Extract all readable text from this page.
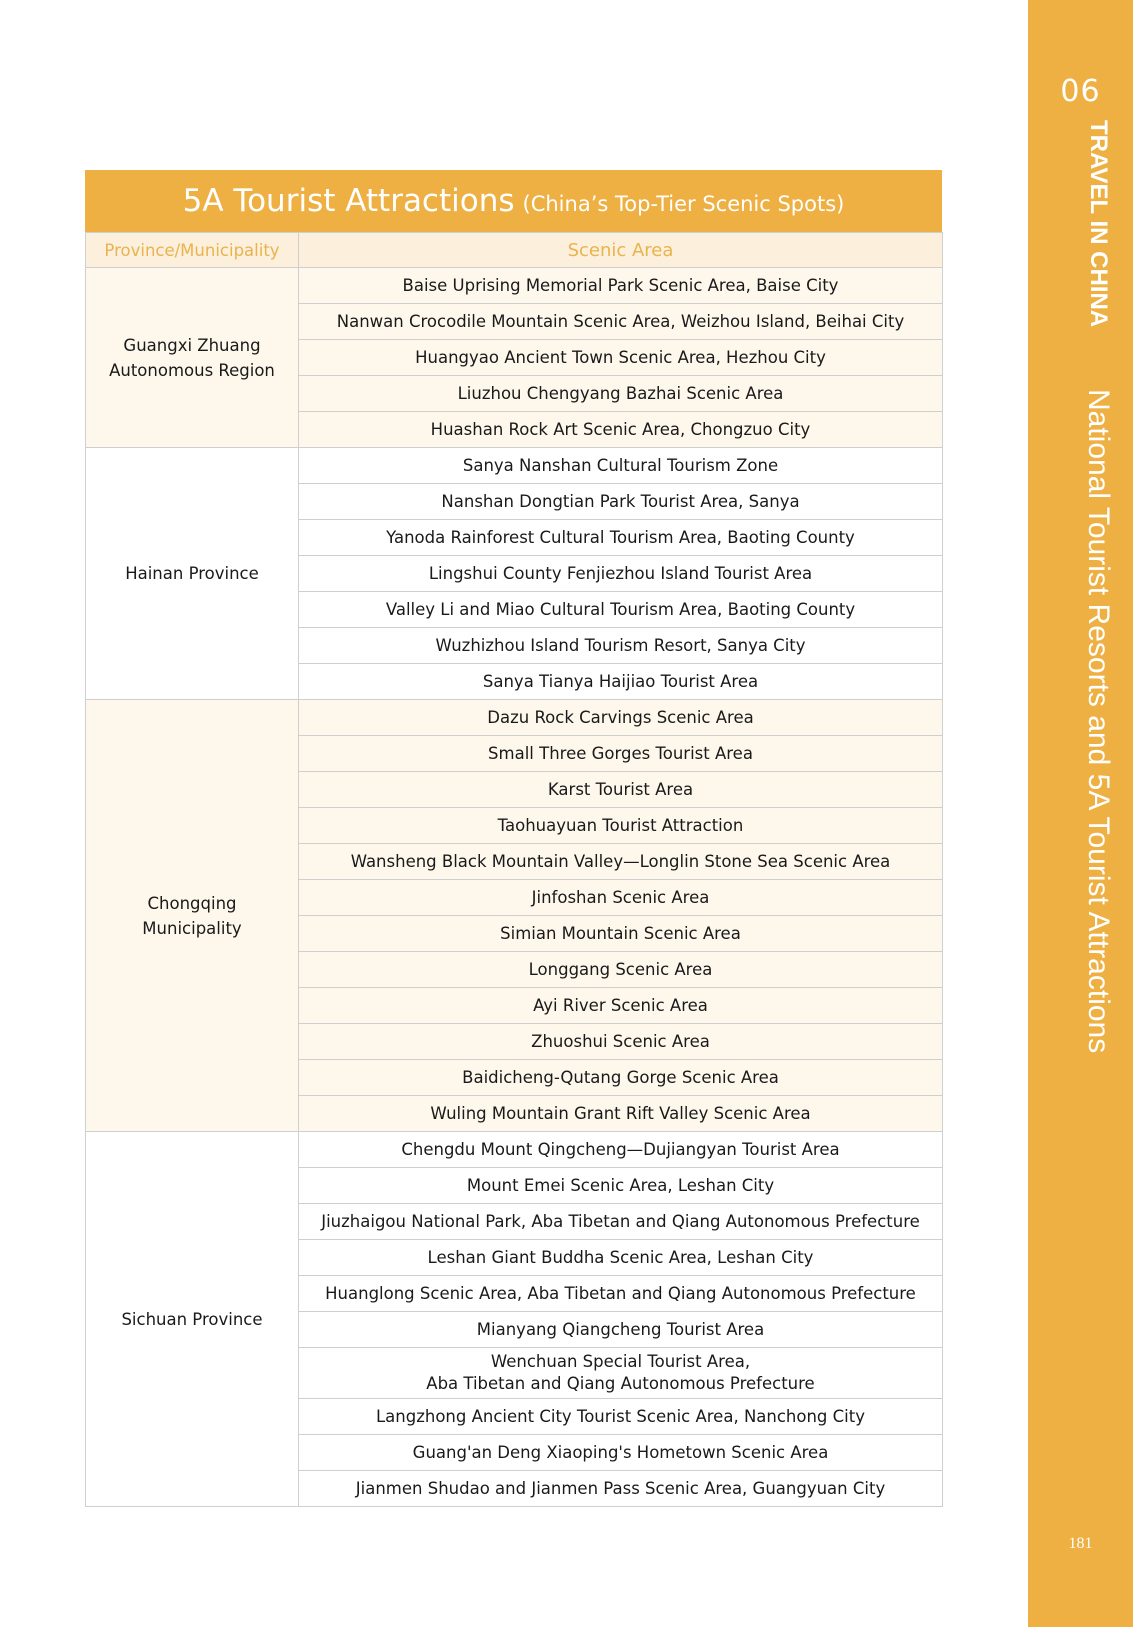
06
TRAVEL IN CHINANational Tourist Resorts and 5A Tourist Attractions
181
5A Tourist Attractions (China’s Top-Tier Scenic Spots)
Province/Municipality	Scenic Area

Guangxi Zhuang
Autonomous Region	Baise Uprising Memorial Park Scenic Area, Baise City

	Nanwan Crocodile Mountain Scenic Area, Weizhou Island, Beihai City

	Huangyao Ancient Town Scenic Area, Hezhou City

	Liuzhou Chengyang Bazhai Scenic Area

	Huashan Rock Art Scenic Area, Chongzuo City

Hainan Province	Sanya Nanshan Cultural Tourism Zone

	Nanshan Dongtian Park Tourist Area, Sanya

	Yanoda Rainforest Cultural Tourism Area, Baoting County

	Lingshui County Fenjiezhou Island Tourist Area

	Valley Li and Miao Cultural Tourism Area, Baoting County

	Wuzhizhou Island Tourism Resort, Sanya City

	Sanya Tianya Haijiao Tourist Area

Chongqing
Municipality	Dazu Rock Carvings Scenic Area

	Small Three Gorges Tourist Area

	Karst Tourist Area

	Taohuayuan Tourist Attraction

	Wansheng Black Mountain Valley—Longlin Stone Sea Scenic Area

	Jinfoshan Scenic Area

	Simian Mountain Scenic Area

	Longgang Scenic Area

	Ayi River Scenic Area

	Zhuoshui Scenic Area

	Baidicheng-Qutang Gorge Scenic Area

	Wuling Mountain Grant Rift Valley Scenic Area

Sichuan Province	Chengdu Mount Qingcheng—Dujiangyan Tourist Area

	Mount Emei Scenic Area, Leshan City

	Jiuzhaigou National Park, Aba Tibetan and Qiang Autonomous Prefecture

	Leshan Giant Buddha Scenic Area, Leshan City

	Huanglong Scenic Area, Aba Tibetan and Qiang Autonomous Prefecture

	Mianyang Qiangcheng Tourist Area

	Wenchuan Special Tourist Area,
Aba Tibetan and Qiang Autonomous Prefecture

	Langzhong Ancient City Tourist Scenic Area, Nanchong City

	Guang'an Deng Xiaoping's Hometown Scenic Area

	Jianmen Shudao and Jianmen Pass Scenic Area, Guangyuan City
